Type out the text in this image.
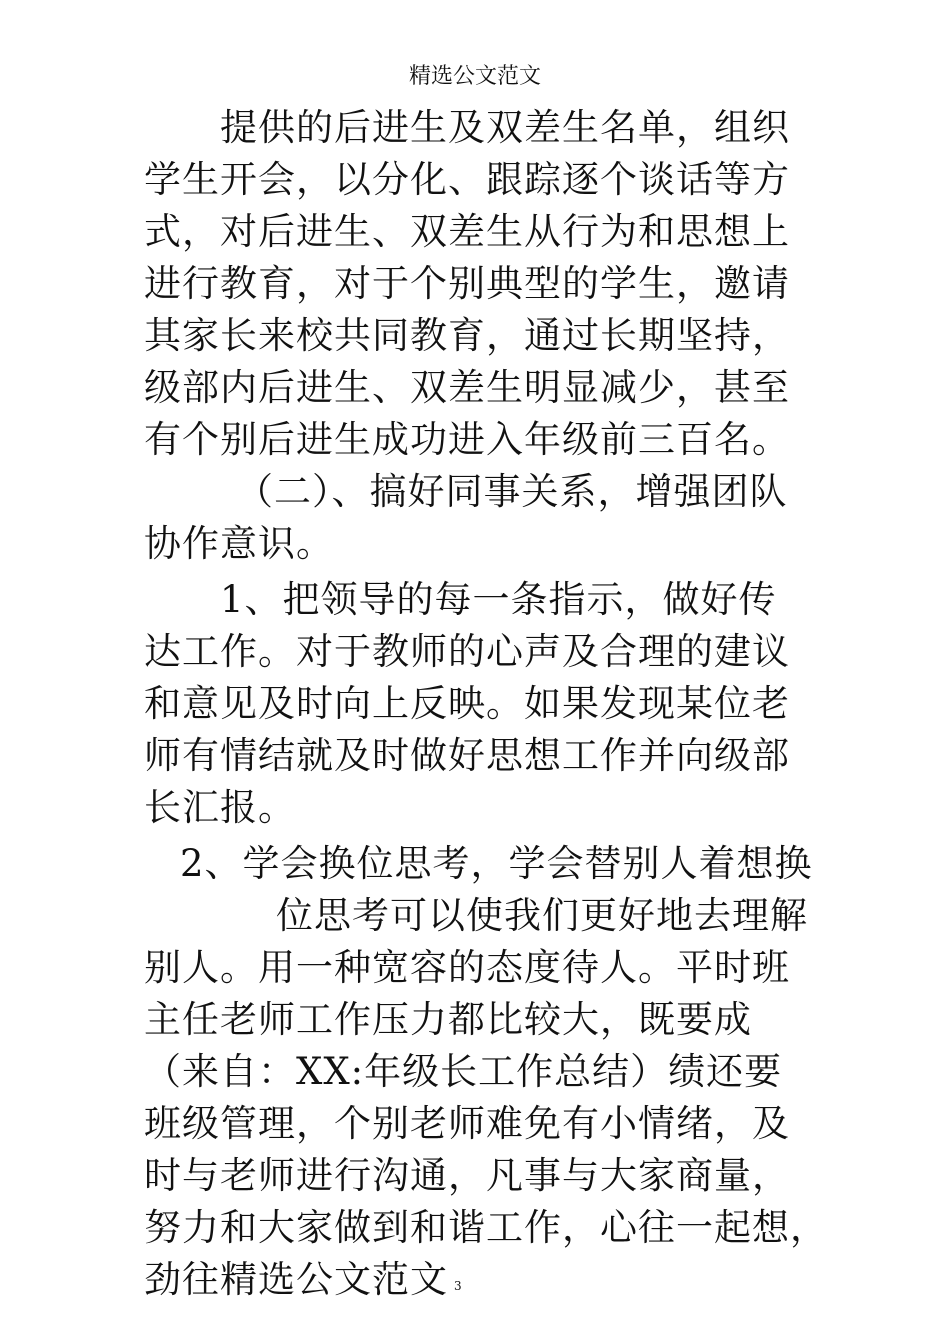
精选公文范文
提供的后进生及双差生名单，组织
学生开会，以分化、跟踪逐个谈话等方
式，对后进生、双差生从行为和思想上
进行教育，对于个别典型的学生，邀请
其家长来校共同教育，通过长期坚持，
级部内后进生、双差生明显减少，甚至
有个别后进生成功进入年级前三百名。
（二）、搞好同事关系，增强团队
协作意识。
1、把领导的每一条指示，做好传
达工作。对于教师的心声及合理的建议
和意见及时向上反映。如果发现某位老
师有情结就及时做好思想工作并向级部
长汇报。
2、学会换位思考，学会替别人着想换
位思考可以使我们更好地去理解
别人。用一种宽容的态度待人。平时班
主任老师工作压力都比较大，既要成
（来自：XX:年级长工作总结）绩还要
班级管理，个别老师难免有小情绪，及
时与老师进行沟通，凡事与大家商量，
努力和大家做到和谐工作，心往一起想，
劲往精选公文范文 3
